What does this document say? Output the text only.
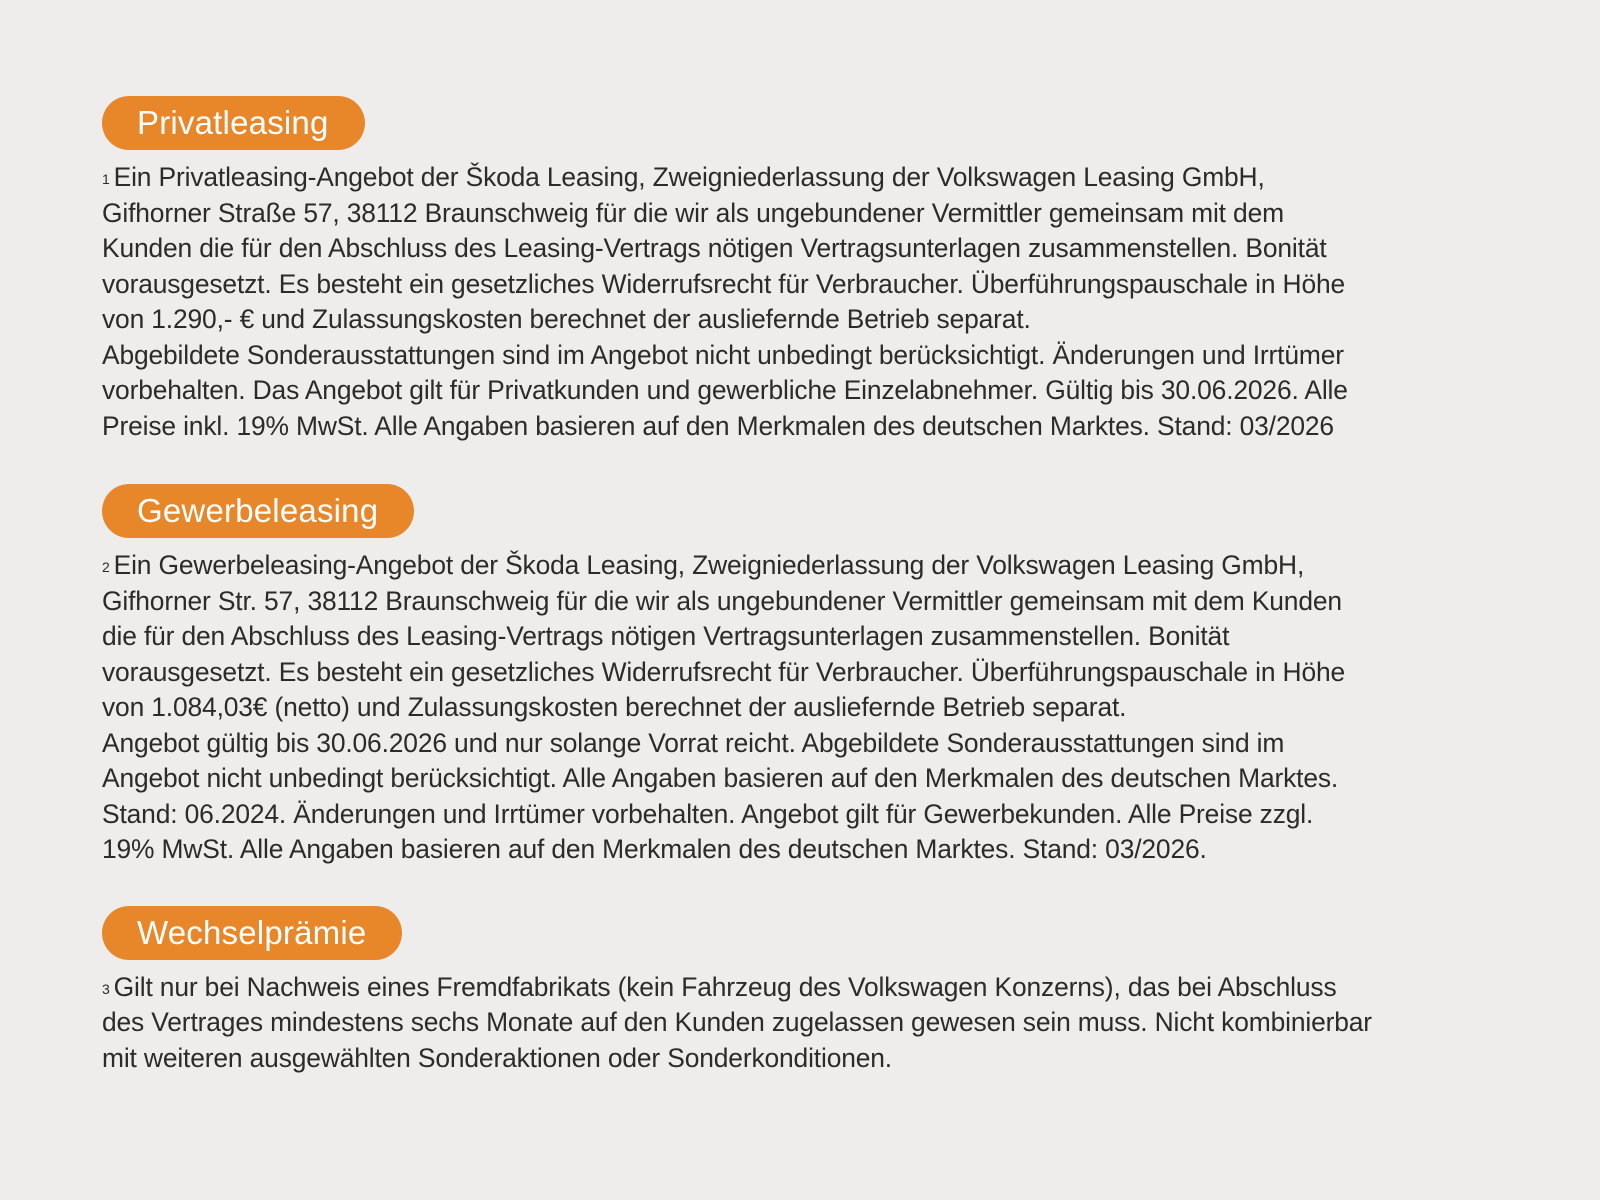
Privatleasing

$^1$ Ein Privatleasing-Angebot der Škoda Leasing, Zweigniederlassung der Volkswagen Leasing GmbH,
Gifhorner Straße 57, 38112 Braunschweig für die wir als ungebundener Vermittler gemeinsam mit dem
Kunden die für den Abschluss des Leasing-Vertrags nötigen Vertragsunterlagen zusammenstellen. Bonität
vorausgesetzt. Es besteht ein gesetzliches Widerrufsrecht für Verbraucher. Überführungspauschale in Höhe
von 1.290,- € und Zulassungskosten berechnet der ausliefernde Betrieb separat.
Abgebildete Sonderausstattungen sind im Angebot nicht unbedingt berücksichtigt. Änderungen und Irrtümer
vorbehalten. Das Angebot gilt für Privatkunden und gewerbliche Einzelabnehmer. Gültig bis 30.06.2026. Alle
Preise inkl. 19% MwSt. Alle Angaben basieren auf den Merkmalen des deutschen Marktes. Stand: 03/2026

Gewerbeleasing

$^2$ Ein Gewerbeleasing-Angebot der Škoda Leasing, Zweigniederlassung der Volkswagen Leasing GmbH,
Gifhorner Str. 57, 38112 Braunschweig für die wir als ungebundener Vermittler gemeinsam mit dem Kunden
die für den Abschluss des Leasing-Vertrags nötigen Vertragsunterlagen zusammenstellen. Bonität
vorausgesetzt. Es besteht ein gesetzliches Widerrufsrecht für Verbraucher. Überführungspauschale in Höhe
von 1.084,03€ (netto) und Zulassungskosten berechnet der ausliefernde Betrieb separat.
Angebot gültig bis 30.06.2026 und nur solange Vorrat reicht. Abgebildete Sonderausstattungen sind im
Angebot nicht unbedingt berücksichtigt. Alle Angaben basieren auf den Merkmalen des deutschen Marktes.
Stand: 06.2024. Änderungen und Irrtümer vorbehalten. Angebot gilt für Gewerbekunden. Alle Preise zzgl.
19% MwSt. Alle Angaben basieren auf den Merkmalen des deutschen Marktes. Stand: 03/2026.

Wechselprämie

$^3$ Gilt nur bei Nachweis eines Fremdfabrikats (kein Fahrzeug des Volkswagen Konzerns), das bei Abschluss
des Vertrages mindestens sechs Monate auf den Kunden zugelassen gewesen sein muss. Nicht kombinierbar
mit weiteren ausgewählten Sonderaktionen oder Sonderkonditionen.
